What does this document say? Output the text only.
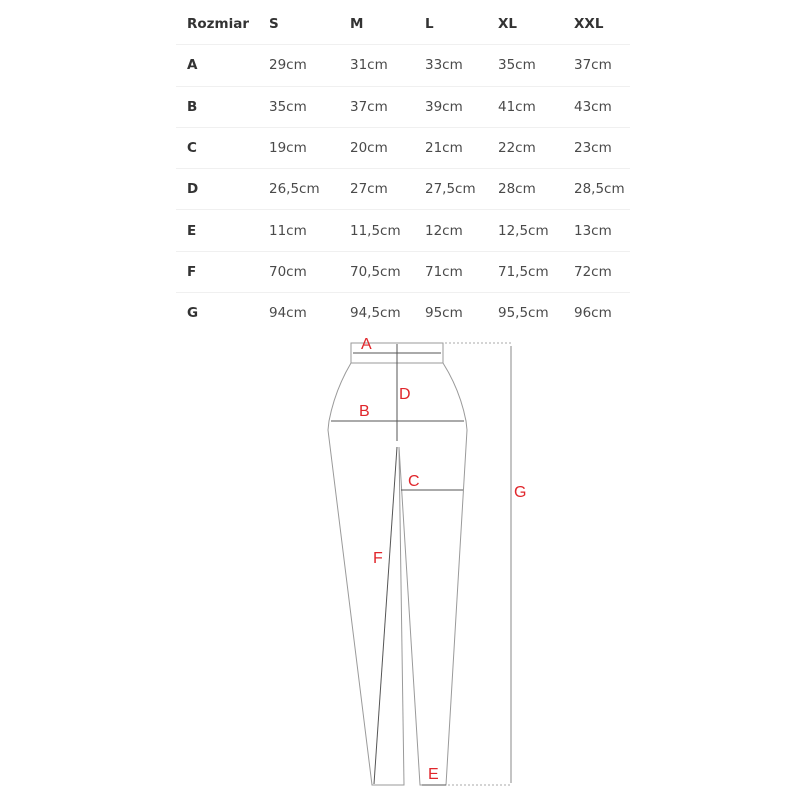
Rozmiar	S	M	L	XL	XXL
A	29cm	31cm	33cm	35cm	37cm
B	35cm	37cm	39cm	41cm	43cm
C	19cm	20cm	21cm	22cm	23cm
D	26,5cm	27cm	27,5cm	28cm	28,5cm
E	11cm	11,5cm	12cm	12,5cm	13cm
F	70cm	70,5cm	71cm	71,5cm	72cm
G	94cm	94,5cm	95cm	95,5cm	96cm
A
D
B
C
G
F
E
